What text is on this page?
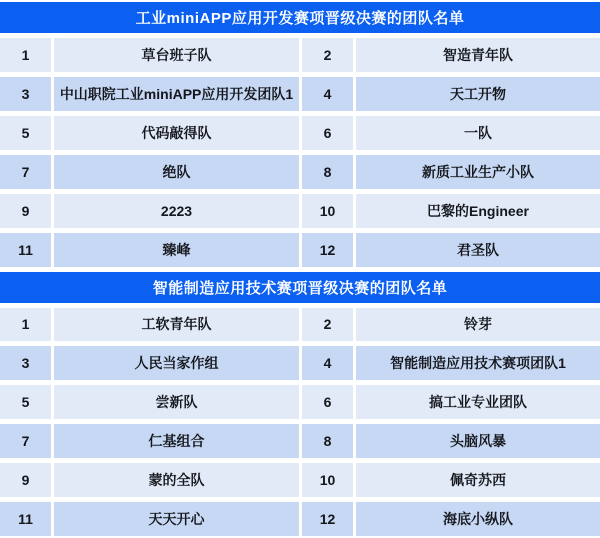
工业miniAPP应用开发赛项晋级决赛的团队名单
1	草台班子队	2	智造青年队
3	中山职院工业miniAPP应用开发团队1	4	天工开物
5	代码敲得队	6	一队
7	绝队	8	新质工业生产小队
9	2223	10	巴黎的Engineer
11	臻峰	12	君圣队
智能制造应用技术赛项晋级决赛的团队名单
1	工软青年队	2	铃芽
3	人民当家作组	4	智能制造应用技术赛项团队1
5	尝新队	6	搞工业专业团队
7	仁基组合	8	头脑风暴
9	蒙的全队	10	佩奇苏西
11	天天开心	12	海底小纵队
